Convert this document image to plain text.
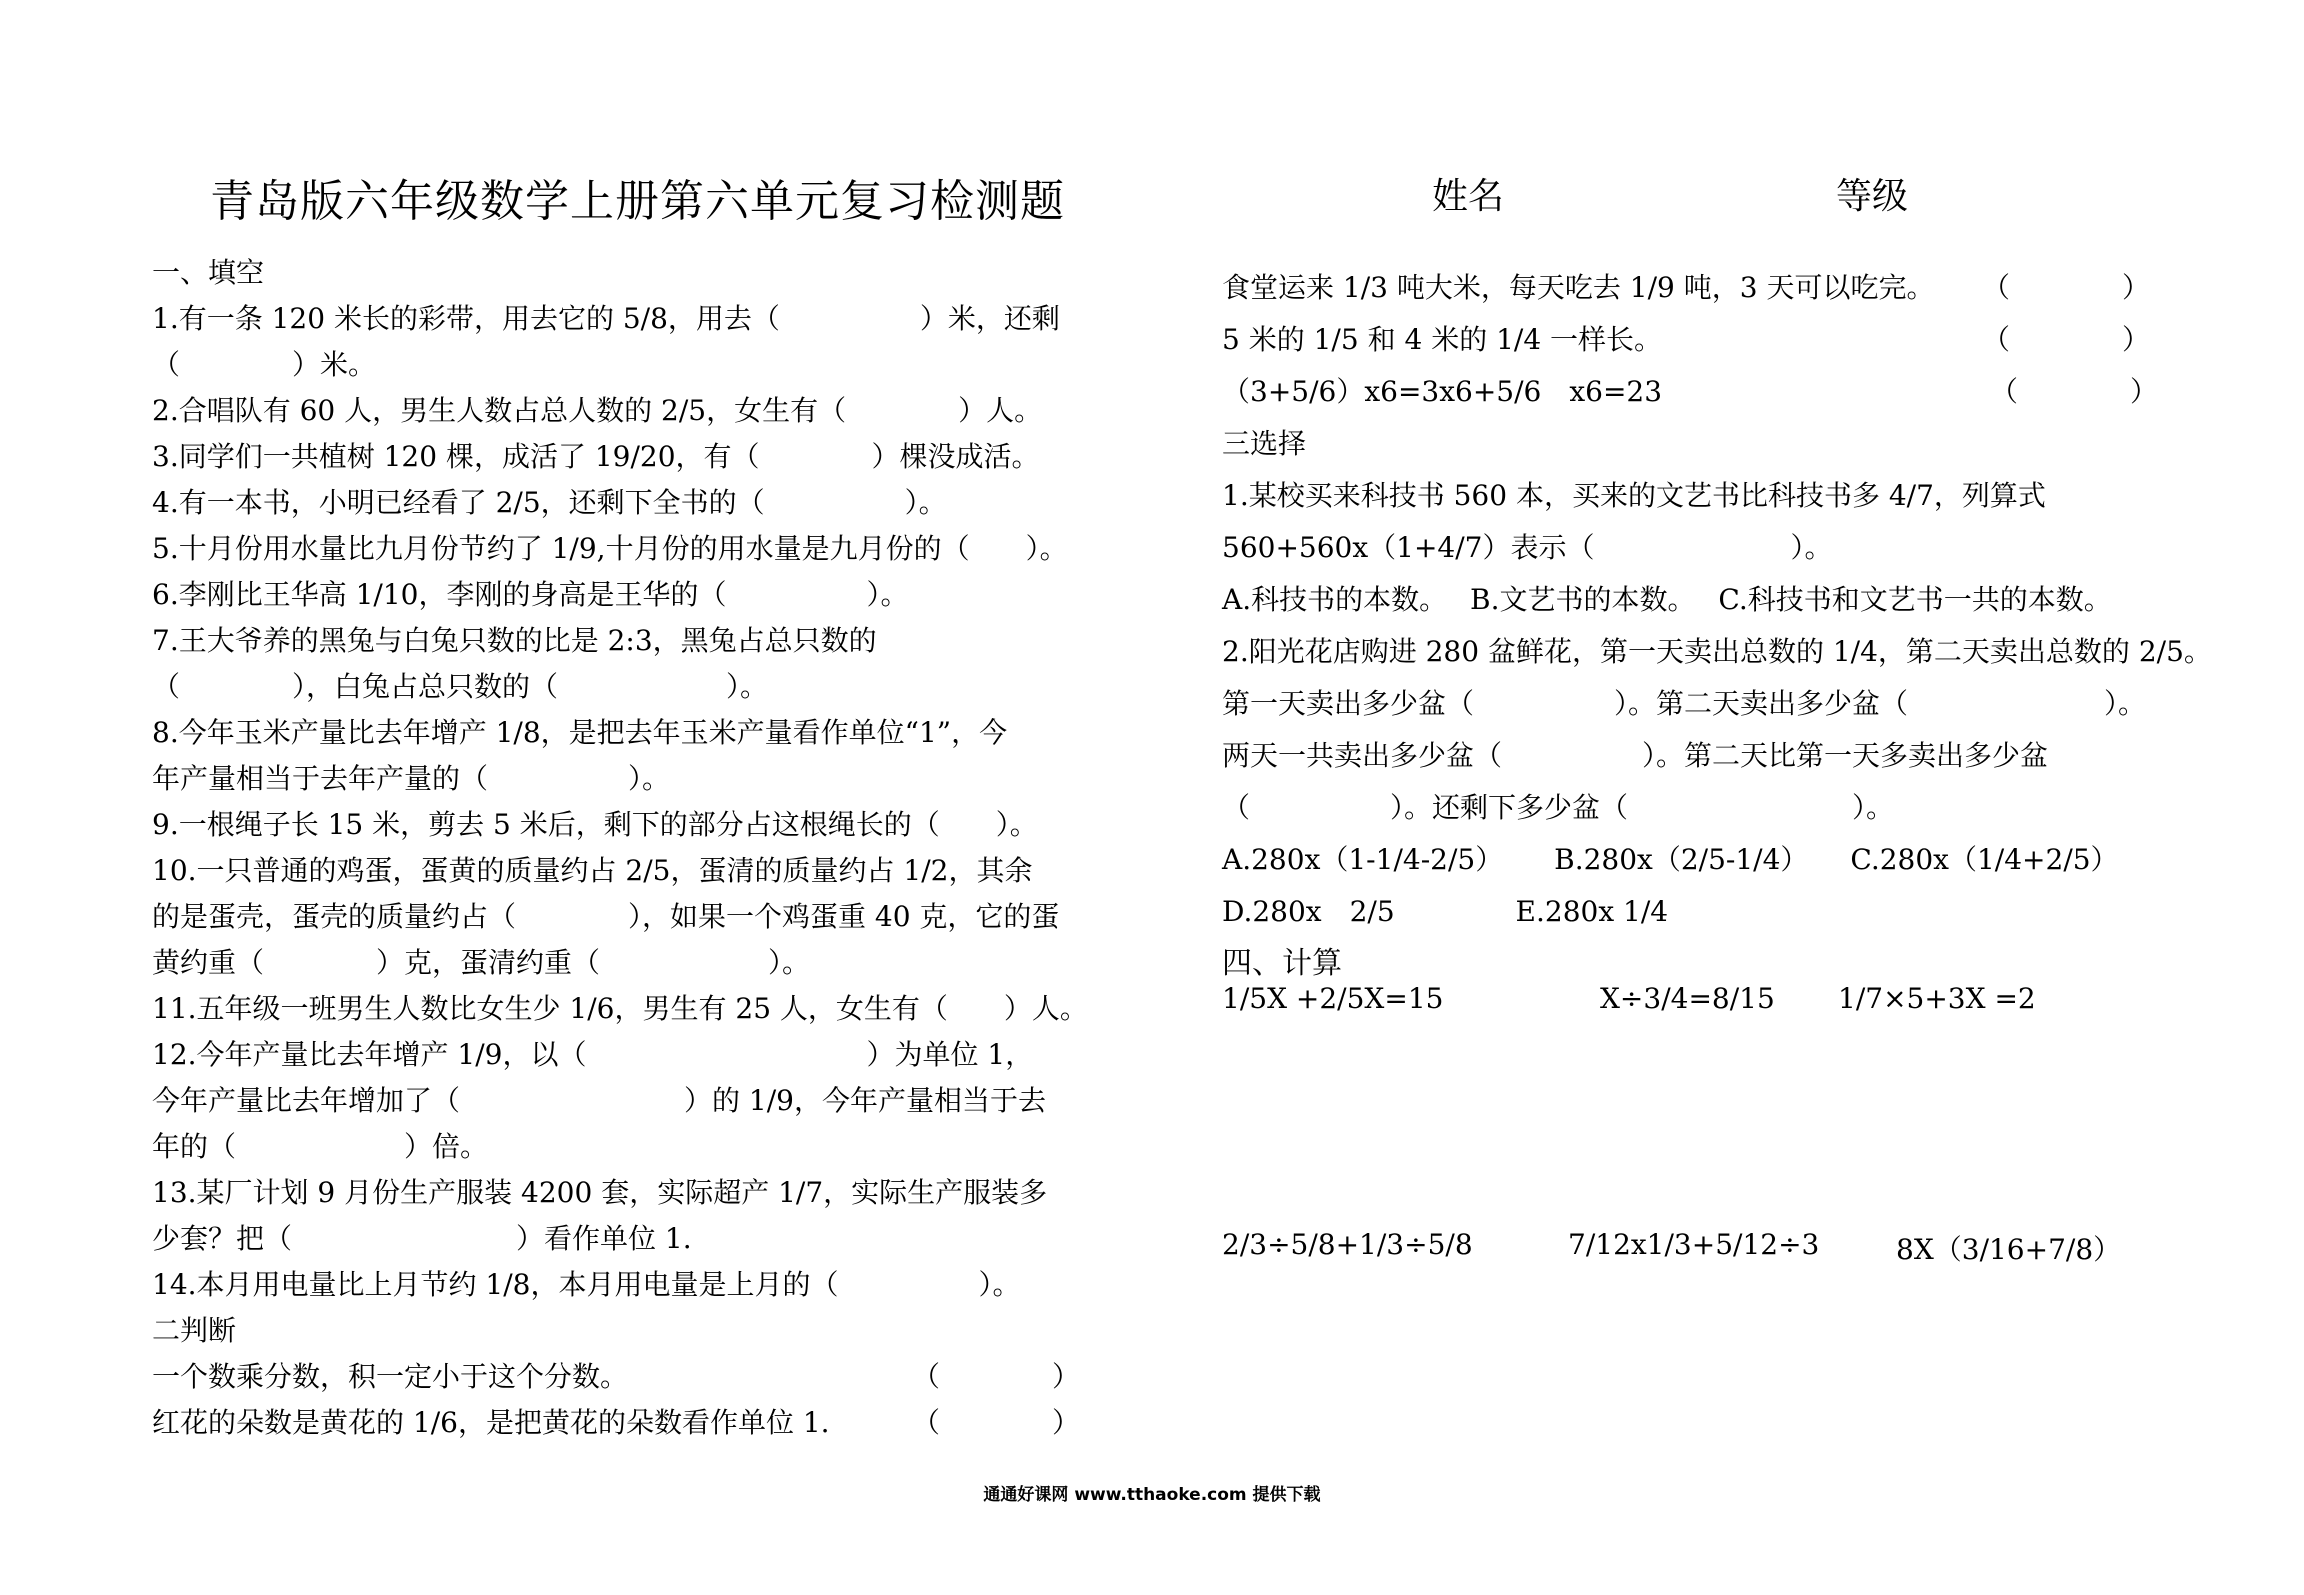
青岛版六年级数学上册第六单元复习检测题	姓名	等级
一、填空
1.有一条 120 米长的彩带，用去它的 5/8，用去（　　　　　）米，还剩
（　　　　）米。
2.合唱队有 60 人，男生人数占总人数的 2/5，女生有（　　　　）人。
3.同学们一共植树 120 棵，成活了 19/20，有（　　　　）棵没成活。
4.有一本书，小明已经看了 2/5，还剩下全书的（　　　　　）。
5.十月份用水量比九月份节约了 1/9,十月份的用水量是九月份的（　　）。
6.李刚比王华高 1/10，李刚的身高是王华的（　　　　　）。
7.王大爷养的黑兔与白兔只数的比是 2:3，黑兔占总只数的
（　　　　），白兔占总只数的（　　　　　　）。
8.今年玉米产量比去年增产 1/8，是把去年玉米产量看作单位“1”，今
年产量相当于去年产量的（　　　　　）。
9.一根绳子长 15 米，剪去 5 米后，剩下的部分占这根绳长的（　　）。
10.一只普通的鸡蛋，蛋黄的质量约占 2/5，蛋清的质量约占 1/2，其余
的是蛋壳，蛋壳的质量约占（　　　　），如果一个鸡蛋重 40 克，它的蛋
黄约重（　　　　）克，蛋清约重（　　　　　　）。
11.五年级一班男生人数比女生少 1/6，男生有 25 人，女生有（　　）人。
12.今年产量比去年增产 1/9，以（　　　　　　　　　　）为单位 1，
今年产量比去年增加了（　　　　　　　　）的 1/9，今年产量相当于去
年的（　　　　　　）倍。
13.某厂计划 9 月份生产服装 4200 套，实际超产 1/7，实际生产服装多
少套？把（　　　　　　　　）看作单位 1.
14.本月用电量比上月节约 1/8，本月用电量是上月的（　　　　　）。
二判断
一个数乘分数，积一定小于这个分数。	（　　　　）
红花的朵数是黄花的 1/6，是把黄花的朵数看作单位 1.	（　　　　）
食堂运来 1/3 吨大米，每天吃去 1/9 吨，3 天可以吃完。 （　　　　）
5 米的 1/5 和 4 米的 1/4 一样长。	（　　　　）
（3+5/6）x6=3x6+5/6　x6=23	（　　　　）
三选择
1.某校买来科技书 560 本，买来的文艺书比科技书多 4/7，列算式
560+560x（1+4/7）表示（　　　　　　　）。
A.科技书的本数。　 B.文艺书的本数。　 C.科技书和文艺书一共的本数。
2.阳光花店购进 280 盆鲜花，第一天卖出总数的 1/4，第二天卖出总数的 2/5。
第一天卖出多少盆（　　　　　）。第二天卖出多少盆（　　　　　　　）。
两天一共卖出多少盆（　　　　　）。第二天比第一天多卖出多少盆
（　　　　　）。还剩下多少盆（　　　　　　　　）。
A.280x（1-1/4-2/5）　　 B.280x（2/5-1/4）　　C.280x（1/4+2/5）
D.280x　2/5　　　　 E.280x 1/4
四、计算
1/5X +2/5X=15	X÷3/4=8/15 1/7×5+3X =2
2/3÷5/8+1/3÷5/8	7/12x1/3+5/12÷3	8X（3/16+7/8）
通通好课网 www.tthaoke.com 提供下载
